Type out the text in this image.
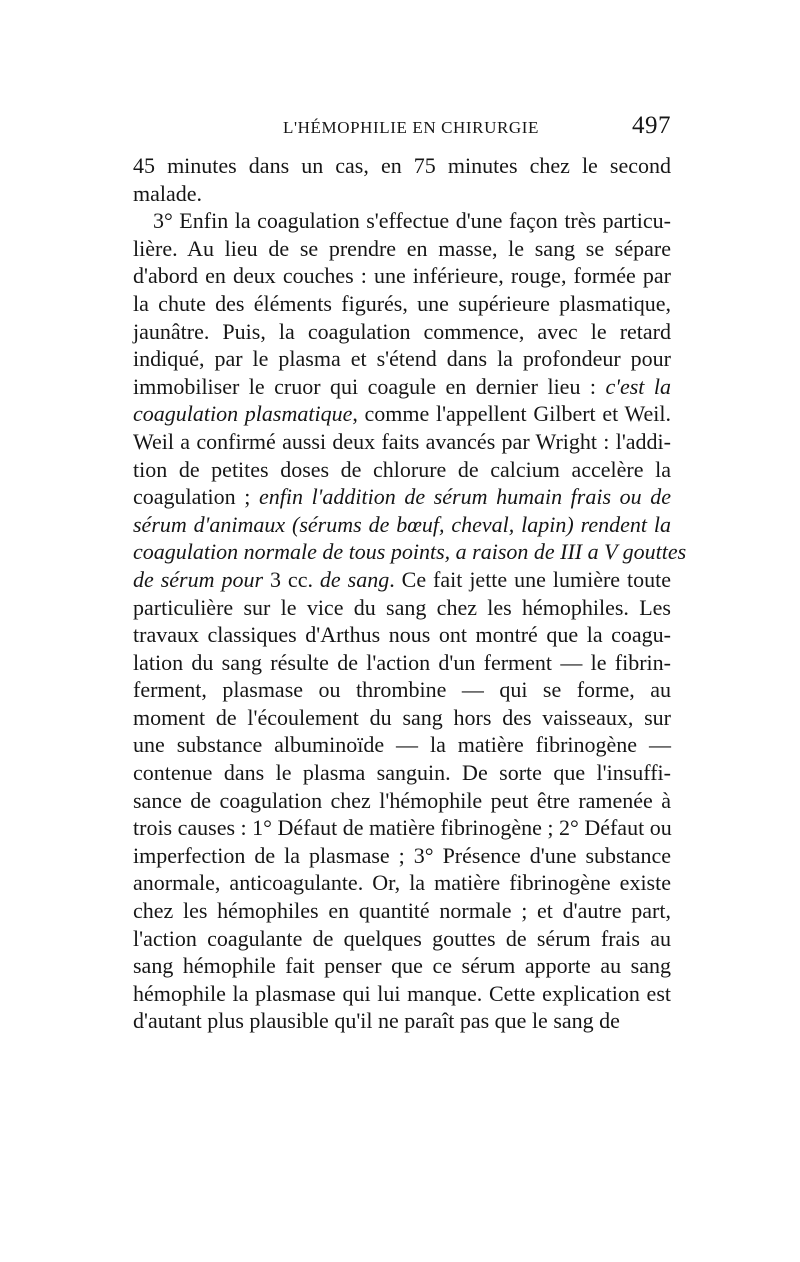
L'HÉMOPHILIE EN CHIRURGIE	497
45 minutes dans un cas, en 75 minutes chez le second
malade.
3° Enfin la coagulation s'effectue d'une façon très particu-
lière. Au lieu de se prendre en masse, le sang se sépare
d'abord en deux couches : une inférieure, rouge, formée par
la chute des éléments figurés, une supérieure plasmatique,
jaunâtre. Puis, la coagulation commence, avec le retard
indiqué, par le plasma et s'étend dans la profondeur pour
immobiliser le cruor qui coagule en dernier lieu : c'est la
coagulation plasmatique, comme l'appellent Gilbert et Weil.
Weil a confirmé aussi deux faits avancés par Wright : l'addi-
tion de petites doses de chlorure de calcium accelère la
coagulation ; enfin l'addition de sérum humain frais ou de
sérum d'animaux (sérums de bœuf, cheval, lapin) rendent la
coagulation normale de tous points, a raison de III a V gouttes
de sérum pour 3 cc. de sang. Ce fait jette une lumière toute
particulière sur le vice du sang chez les hémophiles. Les
travaux classiques d'Arthus nous ont montré que la coagu-
lation du sang résulte de l'action d'un ferment — le fibrin-
ferment, plasmase ou thrombine — qui se forme, au
moment de l'écoulement du sang hors des vaisseaux, sur
une substance albuminoïde — la matière fibrinogène —
contenue dans le plasma sanguin. De sorte que l'insuffi-
sance de coagulation chez l'hémophile peut être ramenée à
trois causes : 1° Défaut de matière fibrinogène ; 2° Défaut ou
imperfection de la plasmase ; 3° Présence d'une substance
anormale, anticoagulante. Or, la matière fibrinogène existe
chez les hémophiles en quantité normale ; et d'autre part,
l'action coagulante de quelques gouttes de sérum frais au
sang hémophile fait penser que ce sérum apporte au sang
hémophile la plasmase qui lui manque. Cette explication est
d'autant plus plausible qu'il ne paraît pas que le sang de
